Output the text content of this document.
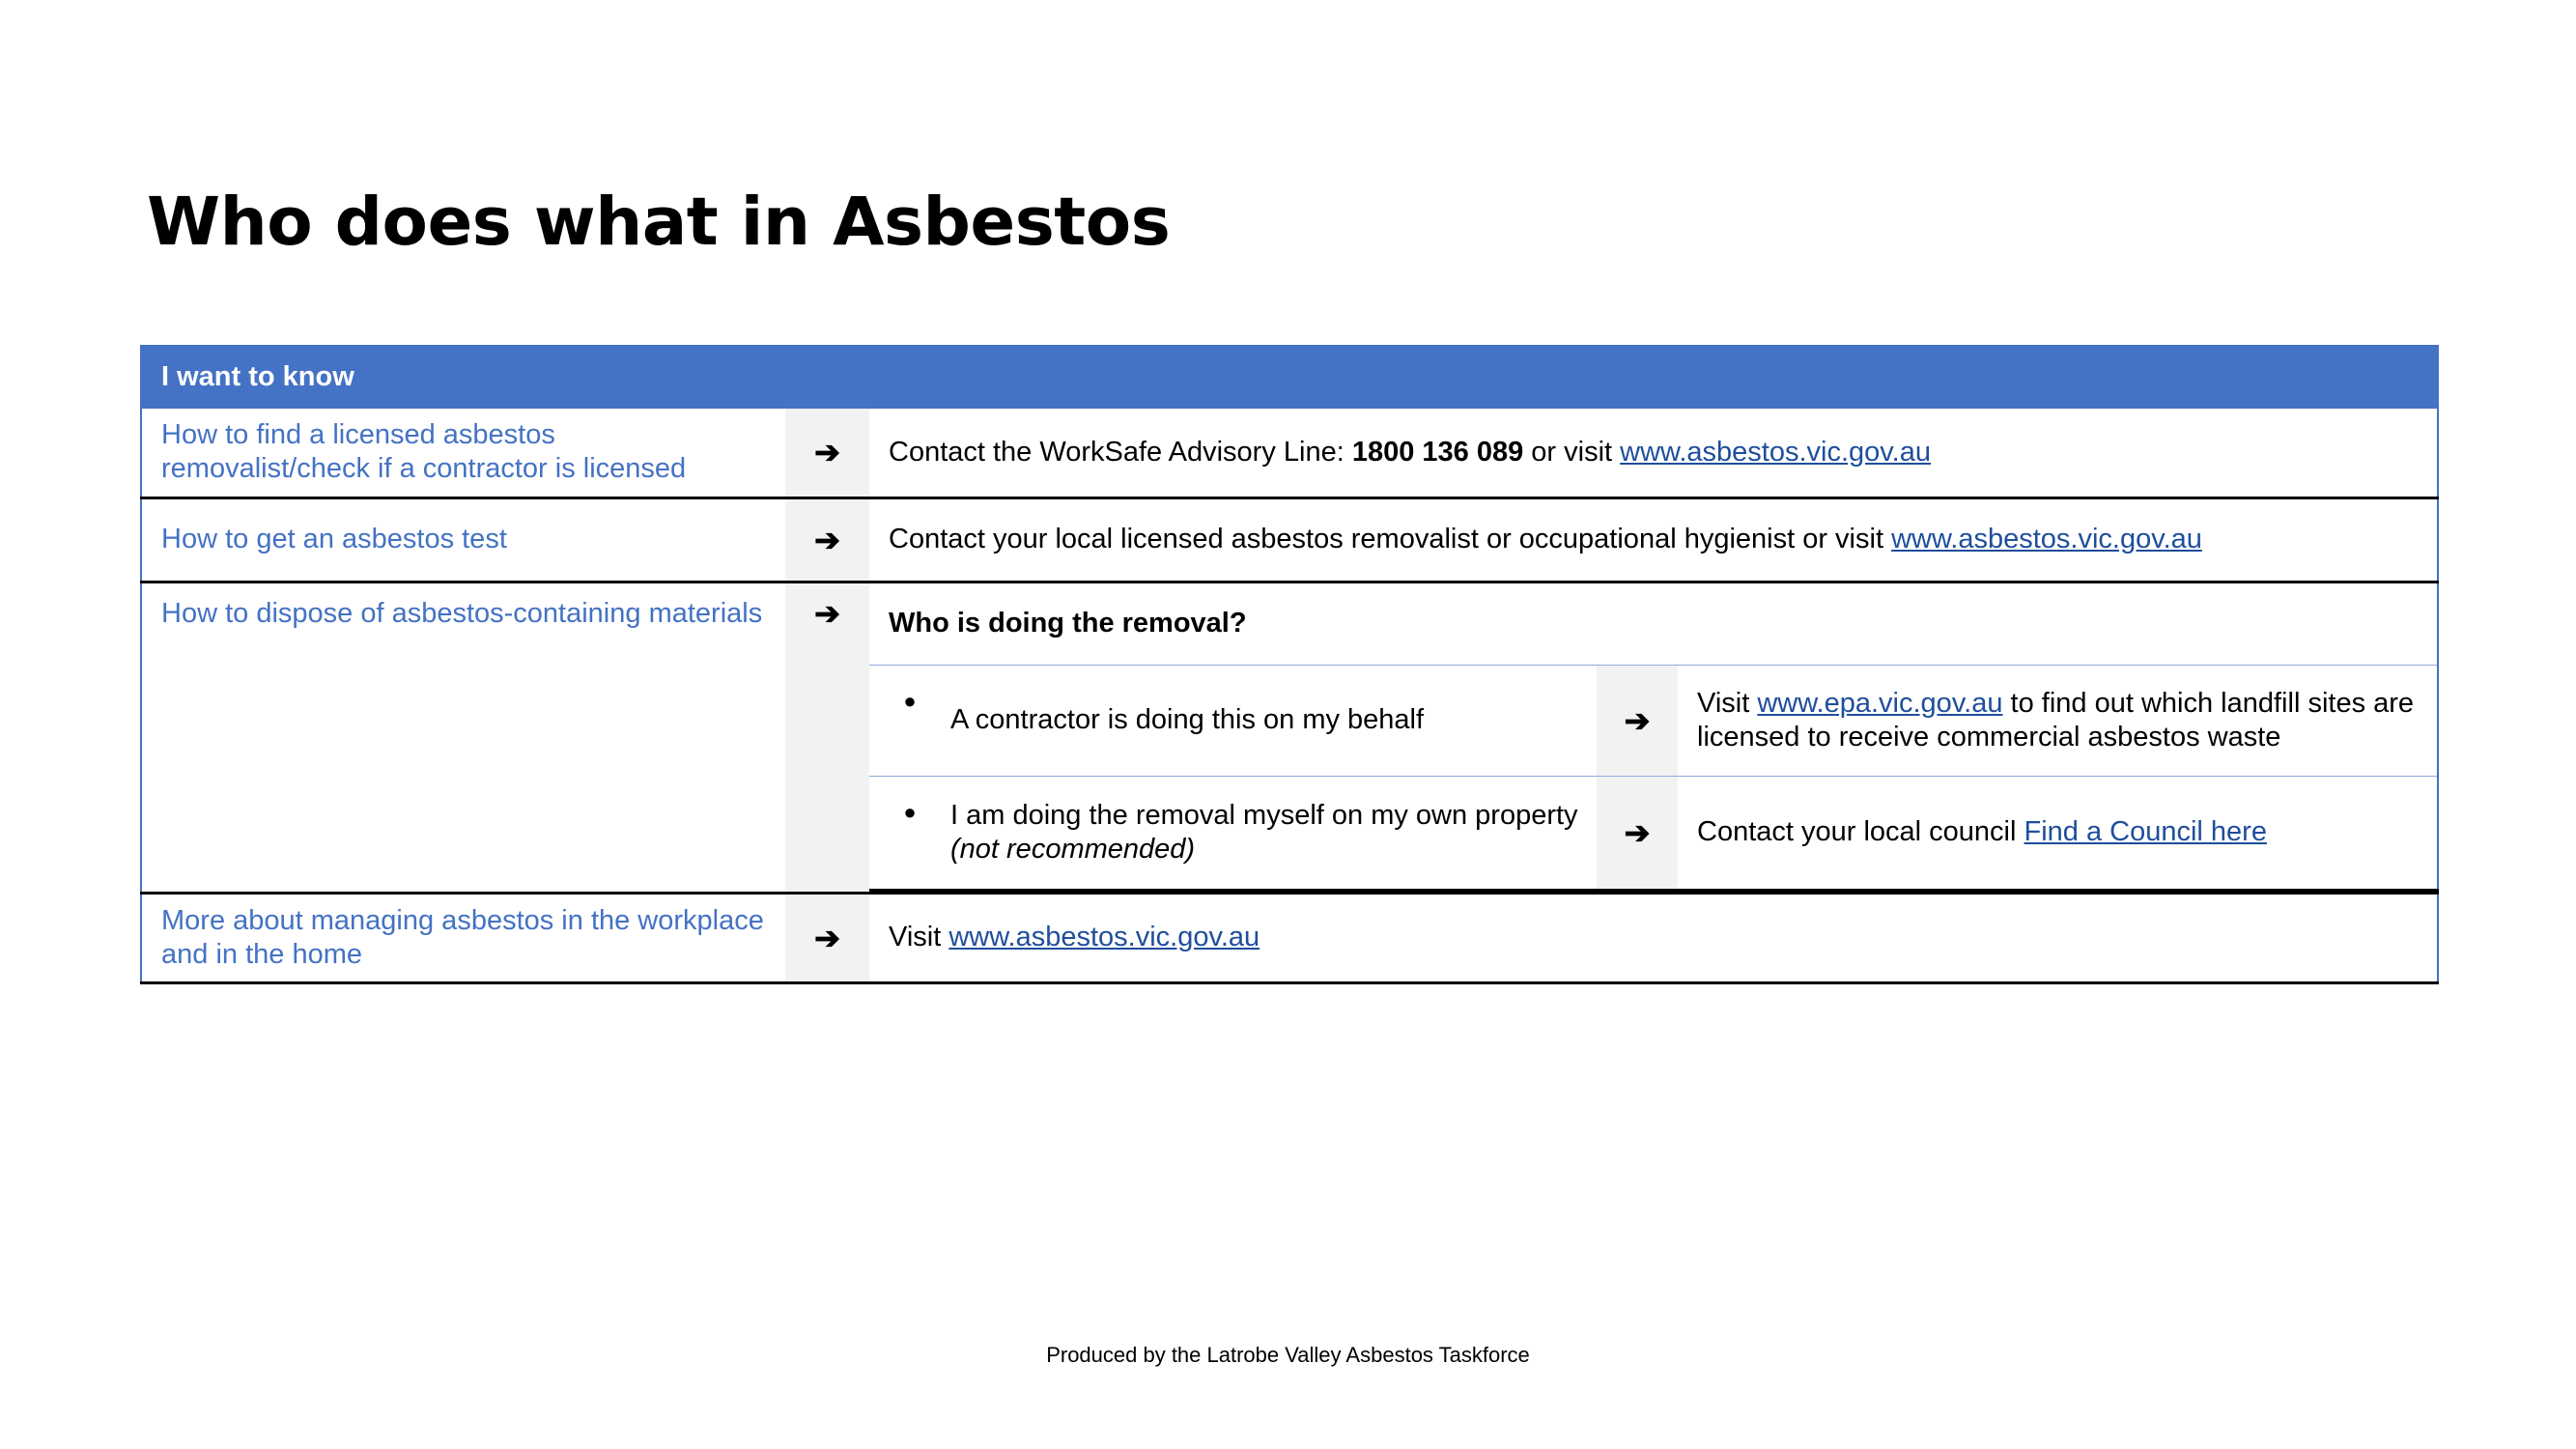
Who does what in Asbestos
I want to know
How to find a licensed asbestos removalist/check if a contractor is licensed	➔	Contact the WorkSafe Advisory Line: 1800 136 089 or visit www.asbestos.vic.gov.au
How to get an asbestos test	➔	Contact your local licensed asbestos removalist or occupational hygienist or visit www.asbestos.vic.gov.au
How to dispose of asbestos-containing materials	➔	Who is doing the removal?
●	A contractor is doing this on my behalf	➔	Visit www.epa.vic.gov.au to find out which landfill sites are licensed to receive commercial asbestos waste
●	I am doing the removal myself on my own property (not recommended)	➔	Contact your local council Find a Council here

More about managing asbestos in the workplace and in the home	➔	Visit www.asbestos.vic.gov.au
Produced by the Latrobe Valley Asbestos Taskforce
